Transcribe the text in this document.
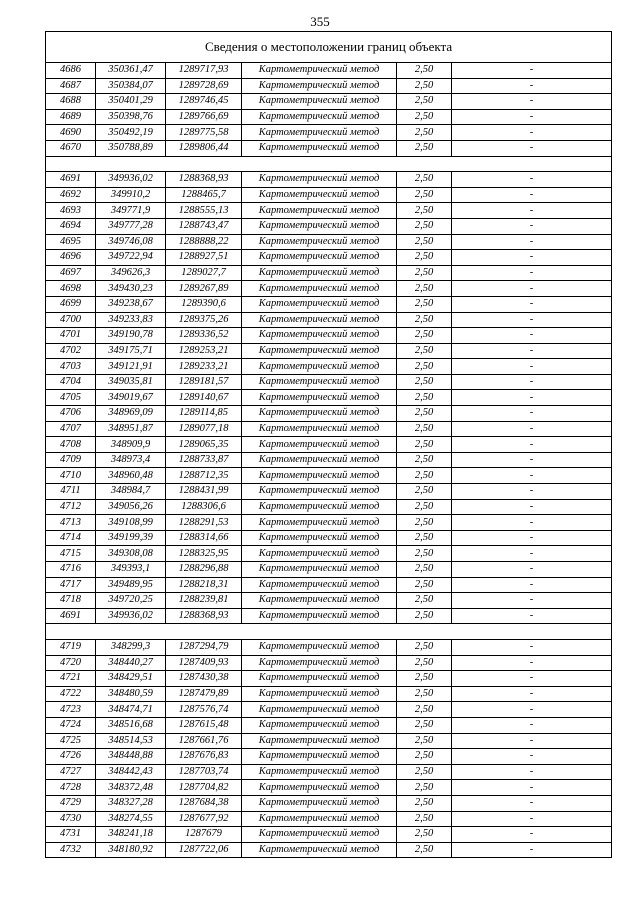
355
Сведения о местоположении границ объекта					
4686	350361,47	1289717,93	Картометрический метод	2,50	-
4687	350384,07	1289728,69	Картометрический метод	2,50	-
4688	350401,29	1289746,45	Картометрический метод	2,50	-
4689	350398,76	1289766,69	Картометрический метод	2,50	-
4690	350492,19	1289775,58	Картометрический метод	2,50	-
4670	350788,89	1289806,44	Картометрический метод	2,50	-

4691	349936,02	1288368,93	Картометрический метод	2,50	-
4692	349910,2	1288465,7	Картометрический метод	2,50	-
4693	349771,9	1288555,13	Картометрический метод	2,50	-
4694	349777,28	1288743,47	Картометрический метод	2,50	-
4695	349746,08	1288888,22	Картометрический метод	2,50	-
4696	349722,94	1288927,51	Картометрический метод	2,50	-
4697	349626,3	1289027,7	Картометрический метод	2,50	-
4698	349430,23	1289267,89	Картометрический метод	2,50	-
4699	349238,67	1289390,6	Картометрический метод	2,50	-
4700	349233,83	1289375,26	Картометрический метод	2,50	-
4701	349190,78	1289336,52	Картометрический метод	2,50	-
4702	349175,71	1289253,21	Картометрический метод	2,50	-
4703	349121,91	1289233,21	Картометрический метод	2,50	-
4704	349035,81	1289181,57	Картометрический метод	2,50	-
4705	349019,67	1289140,67	Картометрический метод	2,50	-
4706	348969,09	1289114,85	Картометрический метод	2,50	-
4707	348951,87	1289077,18	Картометрический метод	2,50	-
4708	348909,9	1289065,35	Картометрический метод	2,50	-
4709	348973,4	1288733,87	Картометрический метод	2,50	-
4710	348960,48	1288712,35	Картометрический метод	2,50	-
4711	348984,7	1288431,99	Картометрический метод	2,50	-
4712	349056,26	1288306,6	Картометрический метод	2,50	-
4713	349108,99	1288291,53	Картометрический метод	2,50	-
4714	349199,39	1288314,66	Картометрический метод	2,50	-
4715	349308,08	1288325,95	Картометрический метод	2,50	-
4716	349393,1	1288296,88	Картометрический метод	2,50	-
4717	349489,95	1288218,31	Картометрический метод	2,50	-
4718	349720,25	1288239,81	Картометрический метод	2,50	-
4691	349936,02	1288368,93	Картометрический метод	2,50	-

4719	348299,3	1287294,79	Картометрический метод	2,50	-
4720	348440,27	1287409,93	Картометрический метод	2,50	-
4721	348429,51	1287430,38	Картометрический метод	2,50	-
4722	348480,59	1287479,89	Картометрический метод	2,50	-
4723	348474,71	1287576,74	Картометрический метод	2,50	-
4724	348516,68	1287615,48	Картометрический метод	2,50	-
4725	348514,53	1287661,76	Картометрический метод	2,50	-
4726	348448,88	1287676,83	Картометрический метод	2,50	-
4727	348442,43	1287703,74	Картометрический метод	2,50	-
4728	348372,48	1287704,82	Картометрический метод	2,50	-
4729	348327,28	1287684,38	Картометрический метод	2,50	-
4730	348274,55	1287677,92	Картометрический метод	2,50	-
4731	348241,18	1287679	Картометрический метод	2,50	-
4732	348180,92	1287722,06	Картометрический метод	2,50	-
